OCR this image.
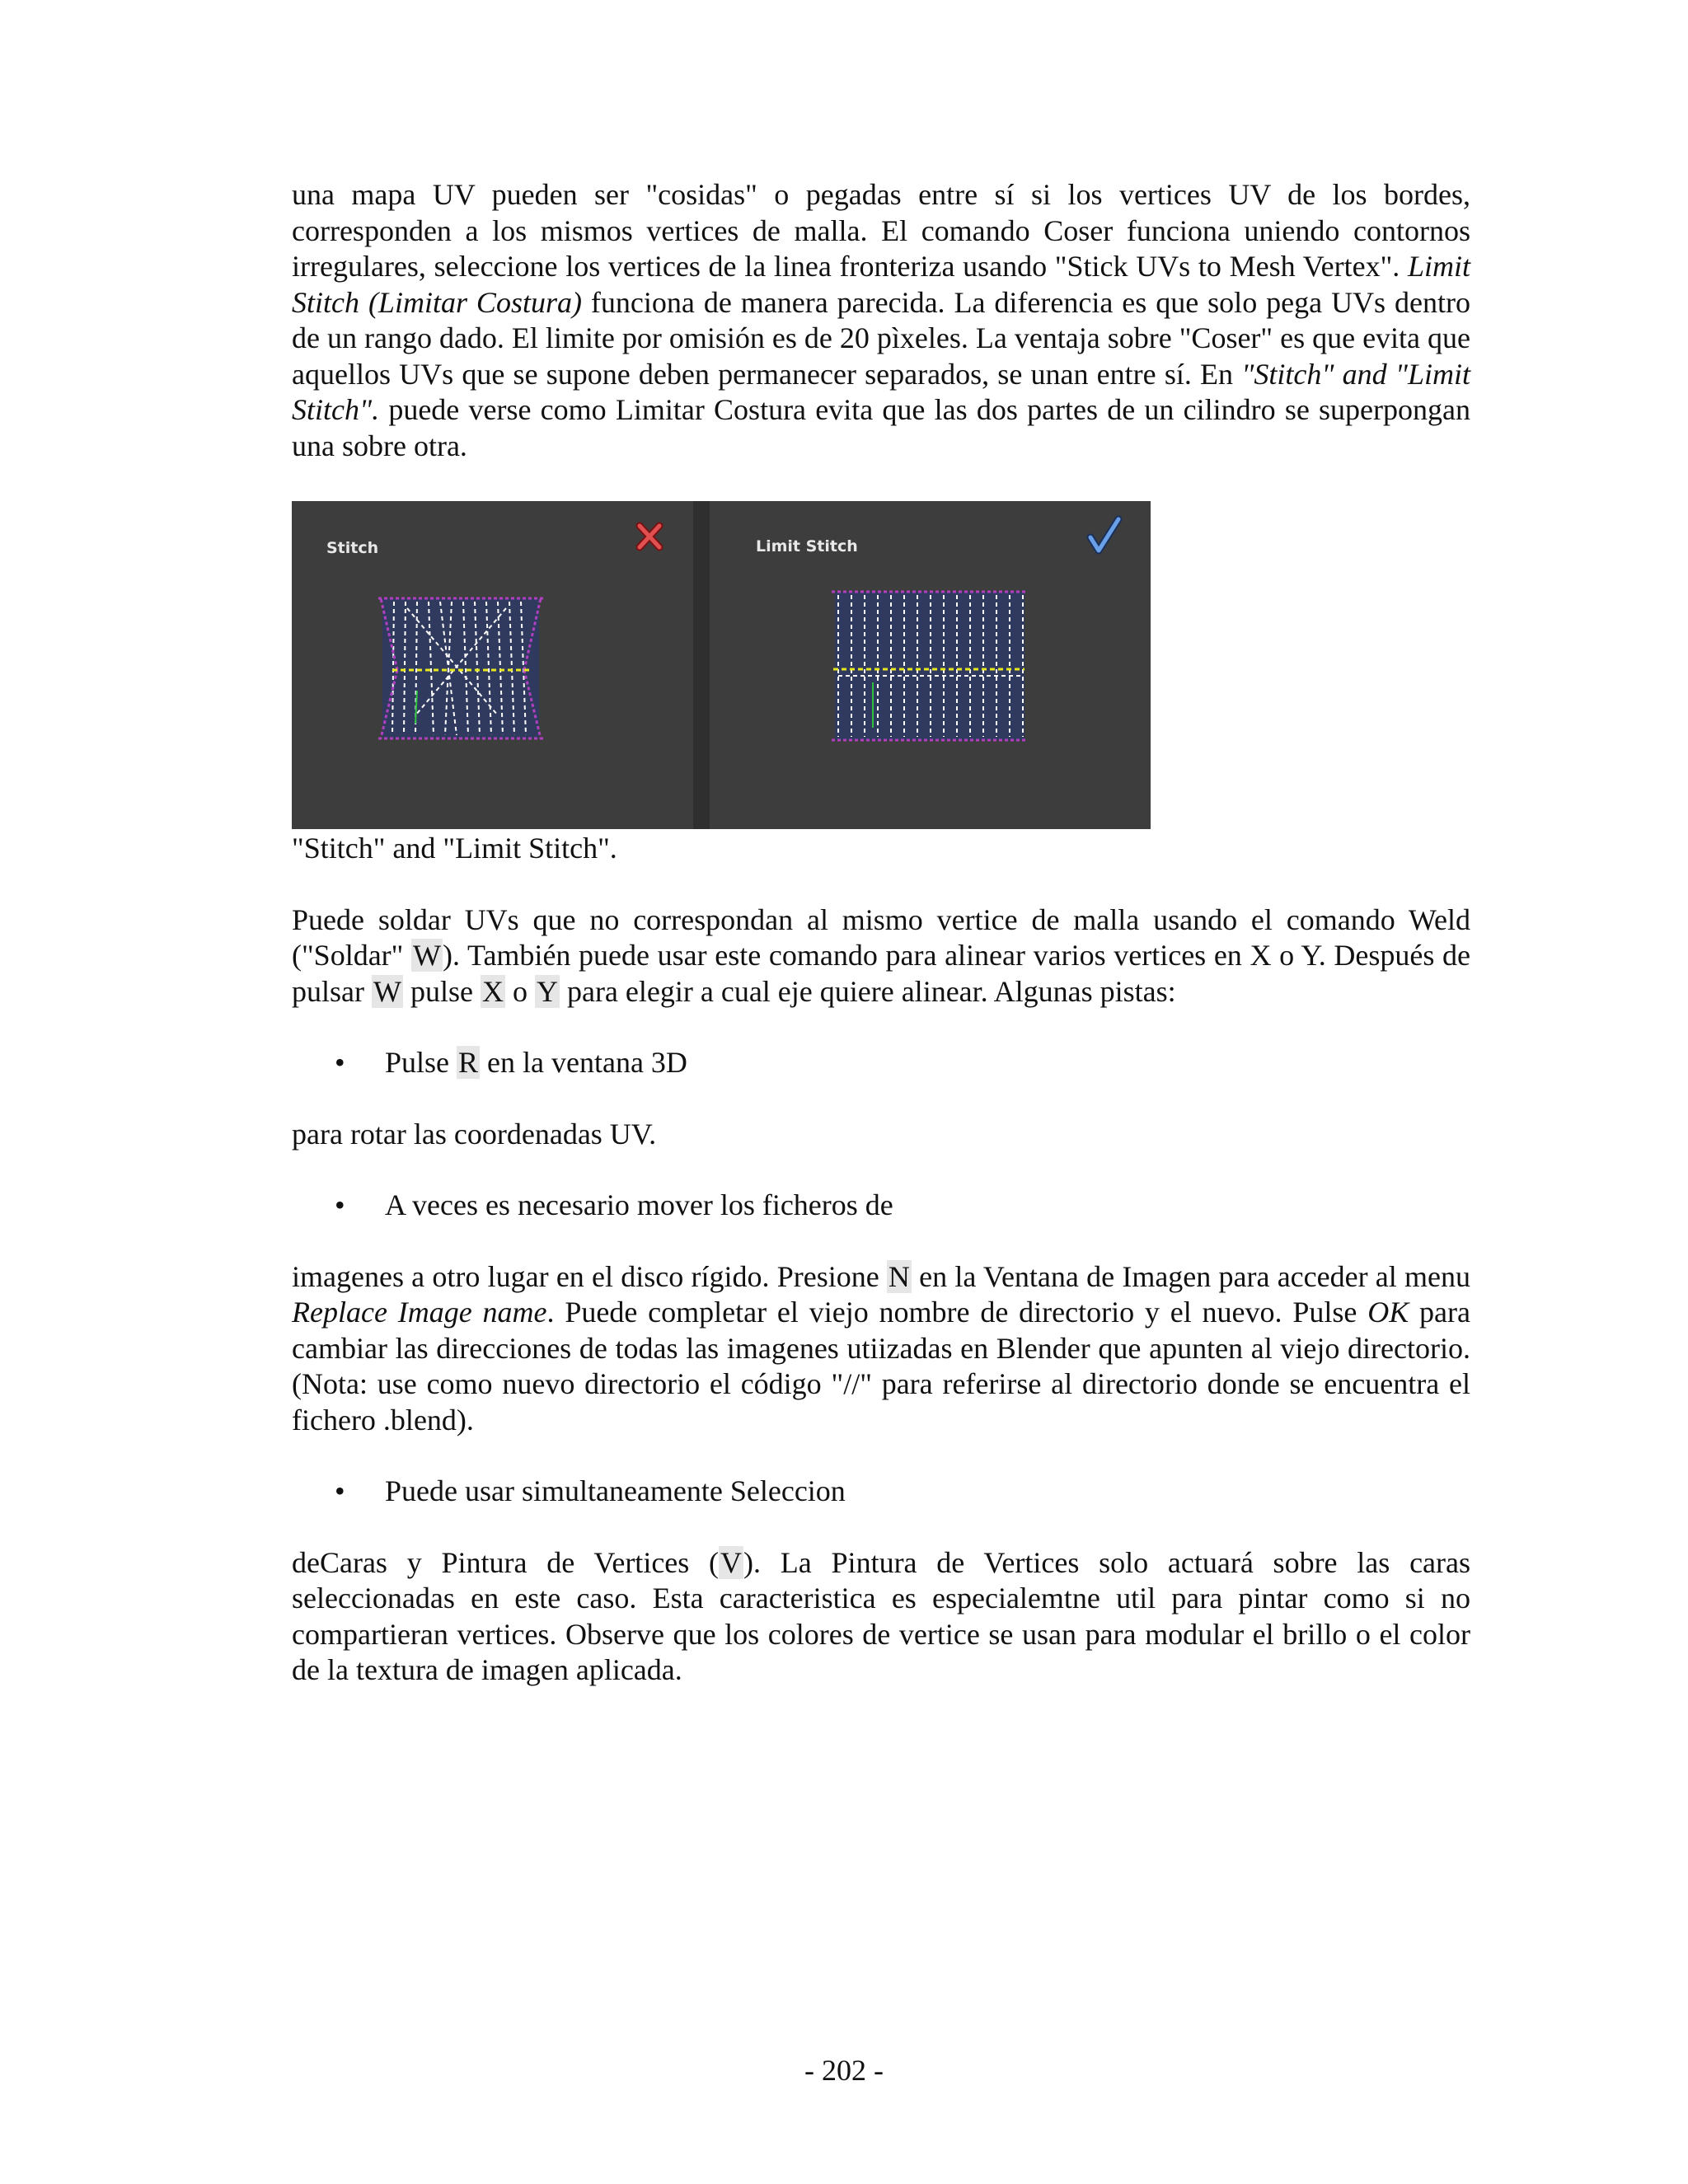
una mapa UV pueden ser "cosidas" o pegadas entre sí si los vertices UV de los bordes, corresponden a los mismos vertices de malla. El comando Coser funciona uniendo contornos irregulares, seleccione los vertices de la linea fronteriza usando "Stick UVs to Mesh Vertex". Limit Stitch (Limitar Costura) funciona de manera parecida. La diferencia es que solo pega UVs dentro de un rango dado. El limite por omisión es de 20 pìxeles. La ventaja sobre "Coser" es que evita que aquellos UVs que se supone deben permanecer separados, se unan entre sí. En "Stitch" and "Limit Stitch". puede verse como Limitar Costura evita que las dos partes de un cilindro se superpongan una sobre otra.

Stitch	Limit Stitch

"Stitch" and "Limit Stitch".

Puede soldar UVs que no correspondan al mismo vertice de malla usando el comando Weld ("Soldar" W). También puede usar este comando para alinear varios vertices en X o Y. Después de pulsar W pulse X o Y para elegir a cual eje quiere alinear. Algunas pistas:

• Pulse R en la ventana 3D

para rotar las coordenadas UV.

• A veces es necesario mover los ficheros de

imagenes a otro lugar en el disco rígido. Presione N en la Ventana de Imagen para acceder al menu Replace Image name. Puede completar el viejo nombre de directorio y el nuevo. Pulse OK para cambiar las direcciones de todas las imagenes utiizadas en Blender que apunten al viejo directorio. (Nota: use como nuevo directorio el código "//" para referirse al directorio donde se encuentra el fichero .blend).

• Puede usar simultaneamente Seleccion

deCaras y Pintura de Vertices (V). La Pintura de Vertices solo actuará sobre las caras seleccionadas en este caso. Esta caracteristica es especialemtne util para pintar como si no compartieran vertices. Observe que los colores de vertice se usan para modular el brillo o el color de la textura de imagen aplicada.

- 202 -
